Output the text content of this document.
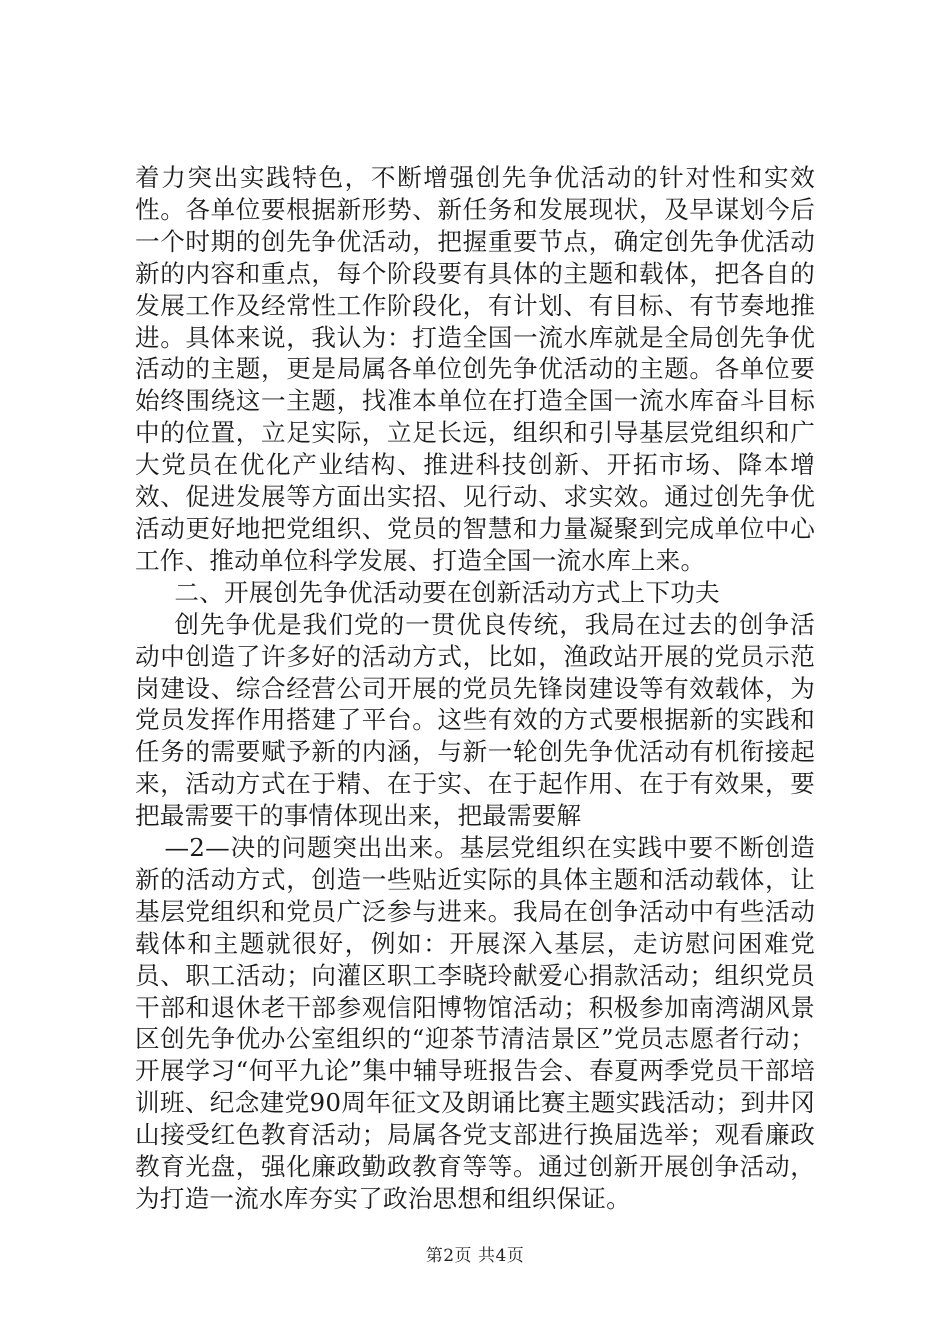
着力突出实践特色，不断增强创先争优活动的针对性和实效性。各单位要根据新形势、新任务和发展现状，及早谋划今后一个时期的创先争优活动，把握重要节点，确定创先争优活动新的内容和重点，每个阶段要有具体的主题和载体，把各自的发展工作及经常性工作阶段化，有计划、有目标、有节奏地推进。具体来说，我认为：打造全国一流水库就是全局创先争优活动的主题，更是局属各单位创先争优活动的主题。各单位要始终围绕这一主题，找准本单位在打造全国一流水库奋斗目标中的位置，立足实际，立足长远，组织和引导基层党组织和广大党员在优化产业结构、推进科技创新、开拓市场、降本增效、促进发展等方面出实招、见行动、求实效。通过创先争优活动更好地把党组织、党员的智慧和力量凝聚到完成单位中心工作、推动单位科学发展、打造全国一流水库上来。

二、开展创先争优活动要在创新活动方式上下功夫

创先争优是我们党的一贯优良传统，我局在过去的创争活动中创造了许多好的活动方式，比如，渔政站开展的党员示范岗建设、综合经营公司开展的党员先锋岗建设等有效载体，为党员发挥作用搭建了平台。这些有效的方式要根据新的实践和任务的需要赋予新的内涵，与新一轮创先争优活动有机衔接起来，活动方式在于精、在于实、在于起作用、在于有效果，要把最需要干的事情体现出来，把最需要解

—2—决的问题突出出来。基层党组织在实践中要不断创造新的活动方式，创造一些贴近实际的具体主题和活动载体，让基层党组织和党员广泛参与进来。我局在创争活动中有些活动载体和主题就很好，例如：开展深入基层，走访慰问困难党员、职工活动；向灌区职工李晓玲献爱心捐款活动；组织党员干部和退休老干部参观信阳博物馆活动；积极参加南湾湖风景区创先争优办公室组织的“迎茶节清洁景区”党员志愿者行动；开展学习“何平九论”集中辅导班报告会、春夏两季党员干部培训班、纪念建党90周年征文及朗诵比赛主题实践活动；到井冈山接受红色教育活动；局属各党支部进行换届选举；观看廉政教育光盘，强化廉政勤政教育等等。通过创新开展创争活动，为打造一流水库夯实了政治思想和组织保证。

第2页 共4页
